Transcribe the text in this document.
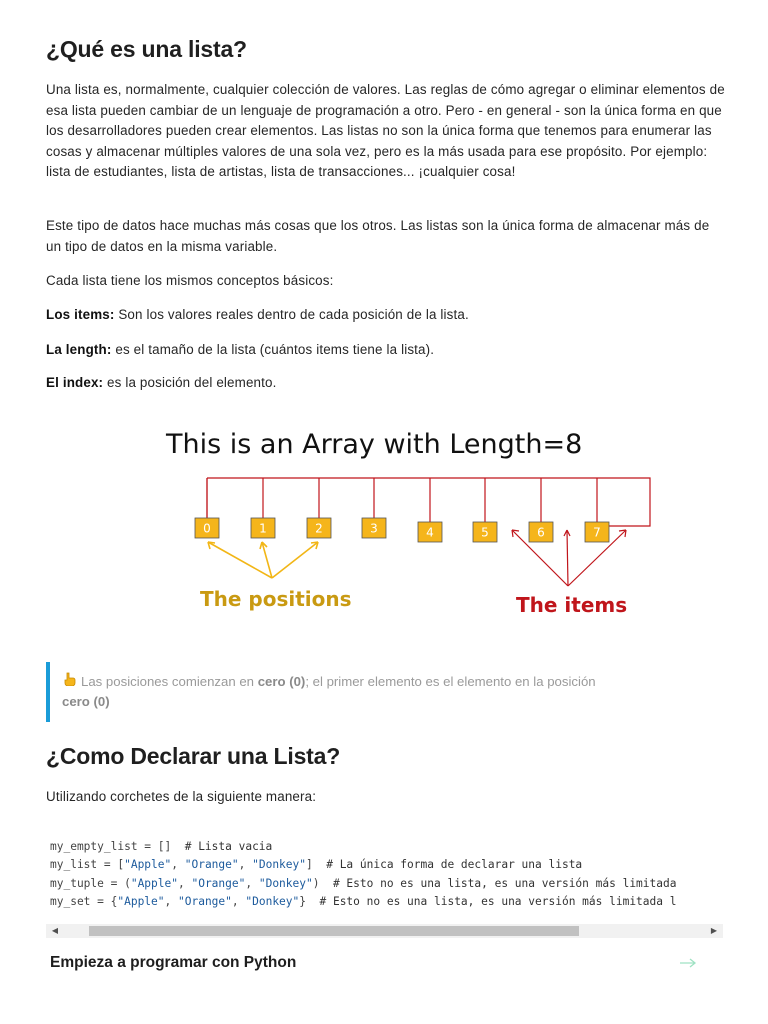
¿Qué es una lista?

Una lista es, normalmente, cualquier colección de valores. Las reglas de cómo agregar o eliminar elementos de esa lista pueden cambiar de un lenguaje de programación a otro. Pero - en general - son la única forma en que los desarrolladores pueden crear elementos. Las listas no son la única forma que tenemos para enumerar las cosas y almacenar múltiples valores de una sola vez, pero es la más usada para ese propósito. Por ejemplo: lista de estudiantes, lista de artistas, lista de transacciones... ¡cualquier cosa!

Este tipo de datos hace muchas más cosas que los otros. Las listas son la única forma de almacenar más de un tipo de datos en la misma variable.

Cada lista tiene los mismos conceptos básicos:

Los items: Son los valores reales dentro de cada posición de la lista.

La length: es el tamaño de la lista (cuántos items tiene la lista).

El index: es la posición del elemento.

This is an Array with Length=8
0	1	2	3	4	5	6	7
The positions	The items
Las posiciones comienzan en cero (0); el primer elemento es el elemento en la posición
cero (0)
¿Como Declarar una Lista?

Utilizando corchetes de la siguiente manera:

my_empty_list = []  # Lista vacia
my_list = ["Apple", "Orange", "Donkey"]  # La única forma de declarar una lista
my_tuple = ("Apple", "Orange", "Donkey")  # Esto no es una lista, es una versión más limitada
my_set = {"Apple", "Orange", "Donkey"}  # Esto no es una lista, es una versión más limitada l
◀	▶
Empieza a programar con Python
